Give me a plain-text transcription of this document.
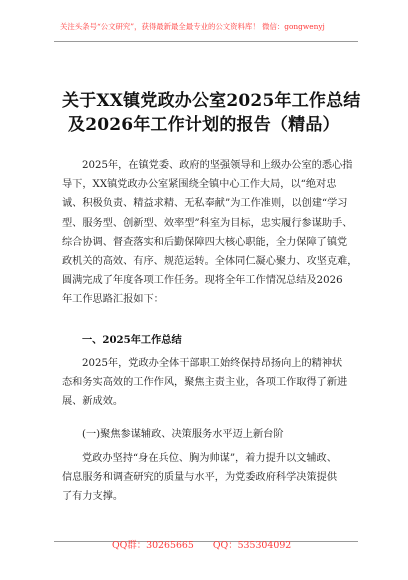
关注头条号“公文研究”，获得最新最全最专业的公文资料库！ 微信：gongwenyj
关于XX镇党政办公室2025年工作总结
及2026年工作计划的报告（精品）
2025年，在镇党委、政府的坚强领导和上级办公室的悉心指
导下，XX镇党政办公室紧围绕全镇中心工作大局，以“绝对忠
诚、积极负责、精益求精、无私奉献”为工作准则，以创建“学习
型、服务型、创新型、效率型”科室为目标，忠实履行参谋助手、
综合协调、督查落实和后勤保障四大核心职能，全力保障了镇党
政机关的高效、有序、规范运转。全体同仁凝心聚力、攻坚克难，
圆满完成了年度各项工作任务。现将全年工作情况总结及2026
年工作思路汇报如下：
一、2025年工作总结
2025年，党政办全体干部职工始终保持昂扬向上的精神状
态和务实高效的工作作风，聚焦主责主业，各项工作取得了新进
展、新成效。
(一)聚焦参谋辅政、决策服务水平迈上新台阶
党政办坚持“身在兵位、胸为帅谋”，着力提升以文辅政、
信息服务和调查研究的质量与水平，为党委政府科学决策提供
了有力支撑。
QQ群：30265665 QQ：535304092
